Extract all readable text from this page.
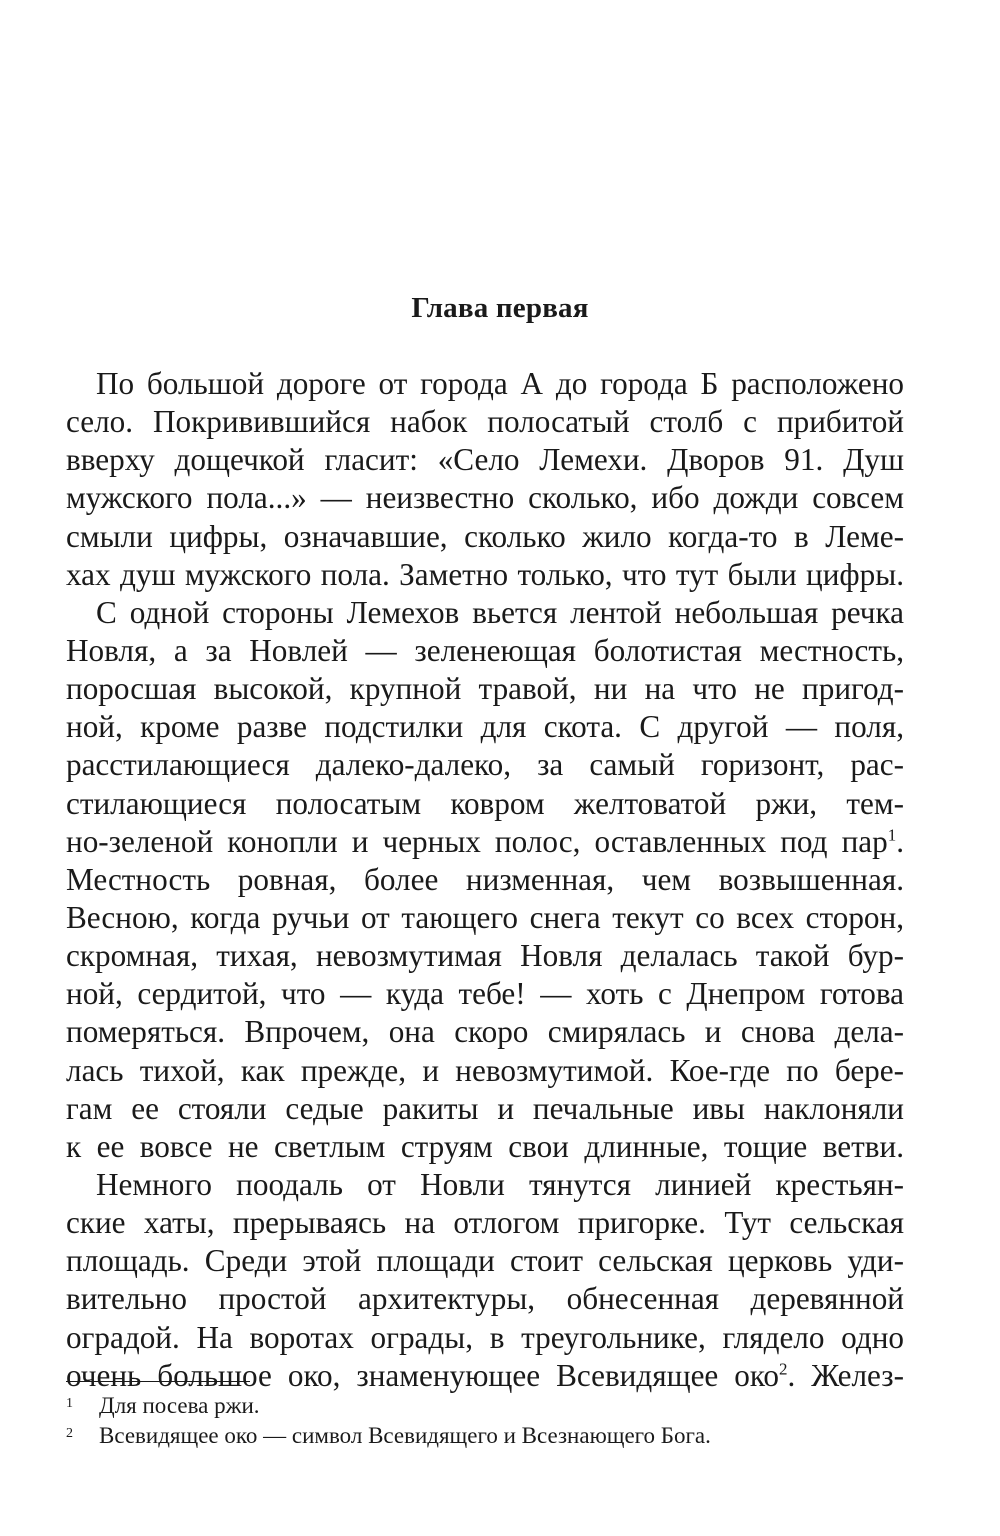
Глава первая
По большой дороге от города А до города Б расположено
село. Покривившийся набок полосатый столб с прибитой
вверху дощечкой гласит: «Село Лемехи. Дворов 91. Душ
мужского пола...» — неизвестно сколько, ибо дожди совсем
смыли цифры, означавшие, сколько жило когда-то в Леме-
хах душ мужского пола. Заметно только, что тут были цифры.
С одной стороны Лемехов вьется лентой небольшая речка
Новля, а за Новлей — зеленеющая болотистая местность,
поросшая высокой, крупной травой, ни на что не пригод-
ной, кроме разве подстилки для скота. С другой — поля,
расстилающиеся далеко-далеко, за самый горизонт, рас-
стилающиеся полосатым ковром желтоватой ржи, тем-
но-зеленой конопли и черных полос, оставленных под пар$^1$.
Местность ровная, более низменная, чем возвышенная.
Весною, когда ручьи от тающего снега текут со всех сторон,
скромная, тихая, невозмутимая Новля делалась такой бур-
ной, сердитой, что — куда тебе! — хоть с Днепром готова
померяться. Впрочем, она скоро смирялась и снова дела-
лась тихой, как прежде, и невозмутимой. Кое-где по бере-
гам ее стояли седые ракиты и печальные ивы наклоняли
к ее вовсе не светлым струям свои длинные, тощие ветви.
Немного поодаль от Новли тянутся линией крестьян-
ские хаты, прерываясь на отлогом пригорке. Тут сельская
площадь. Среди этой площади стоит сельская церковь уди-
вительно простой архитектуры, обнесенная деревянной
оградой. На воротах ограды, в треугольнике, глядело одно
очень большое око, знаменующее Всевидящее око$^2$. Желез-
1 Для посева ржи.
2 Всевидящее око — символ Всевидящего и Всезнающего Бога.
